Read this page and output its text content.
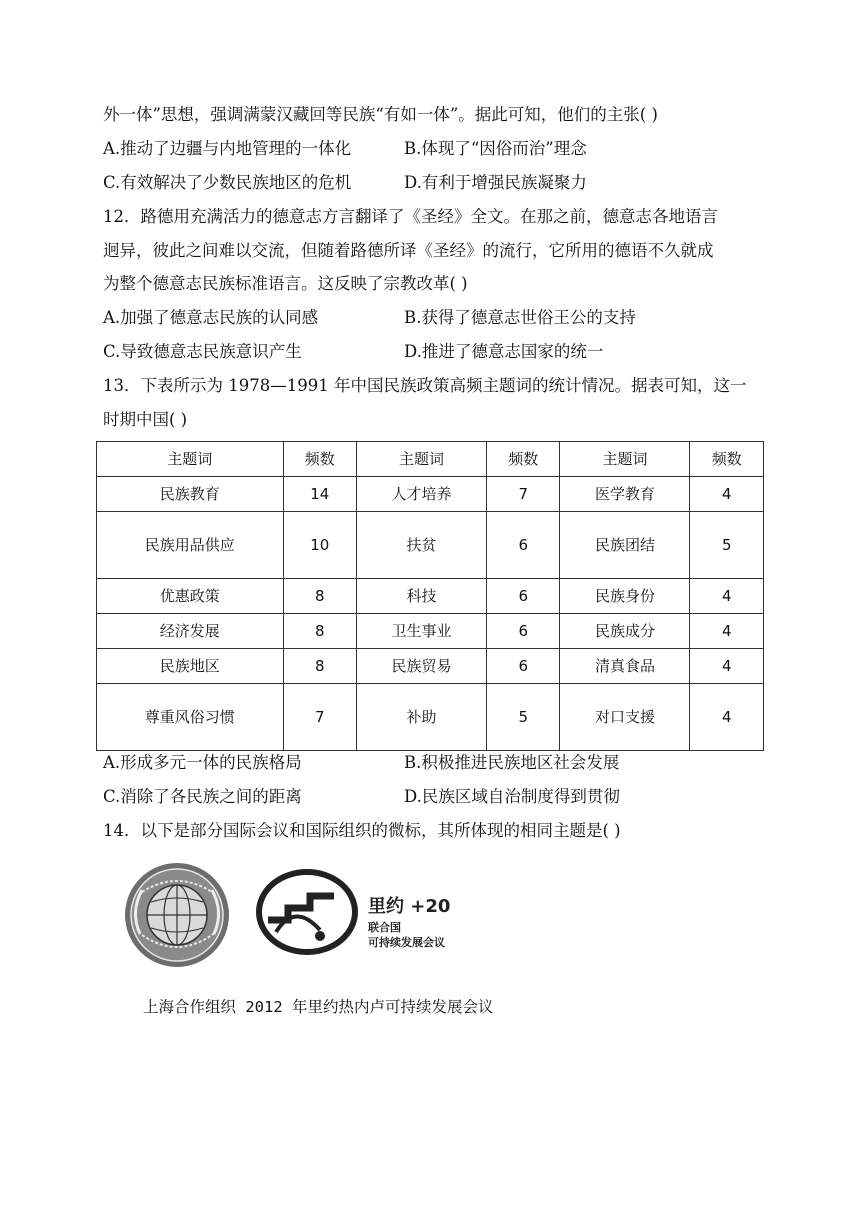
外一体”思想，强调满蒙汉藏回等民族“有如一体”。据此可知，他们的主张( )
A.推动了边疆与内地管理的一体化	B.体现了“因俗而治”理念
C.有效解决了少数民族地区的危机	D.有利于增强民族凝聚力
12．路德用充满活力的德意志方言翻译了《圣经》全文。在那之前，德意志各地语言
迥异，彼此之间难以交流，但随着路德所译《圣经》的流行，它所用的德语不久就成
为整个德意志民族标准语言。这反映了宗教改革( )
A.加强了德意志民族的认同感	B.获得了德意志世俗王公的支持
C.导致德意志民族意识产生	D.推进了德意志国家的统一
13．下表所示为 1978—1991 年中国民族政策高频主题词的统计情况。据表可知，这一
时期中国( )
主题词	频数	主题词	频数	主题词	频数
民族教育	14	人才培养	7	医学教育	4
民族用品供应	10	扶贫	6	民族团结	5
优惠政策	8	科技	6	民族身份	4
经济发展	8	卫生事业	6	民族成分	4
民族地区	8	民族贸易	6	清真食品	4
尊重风俗习惯	7	补助	5	对口支援	4
A.形成多元一体的民族格局	B.积极推进民族地区社会发展
C.消除了各民族之间的距离	D.民族区域自治制度得到贯彻
14．以下是部分国际会议和国际组织的微标，其所体现的相同主题是( )
里约 +20
联合国
可持续发展会议
上海合作组织 2012 年里约热内卢可持续发展会议
